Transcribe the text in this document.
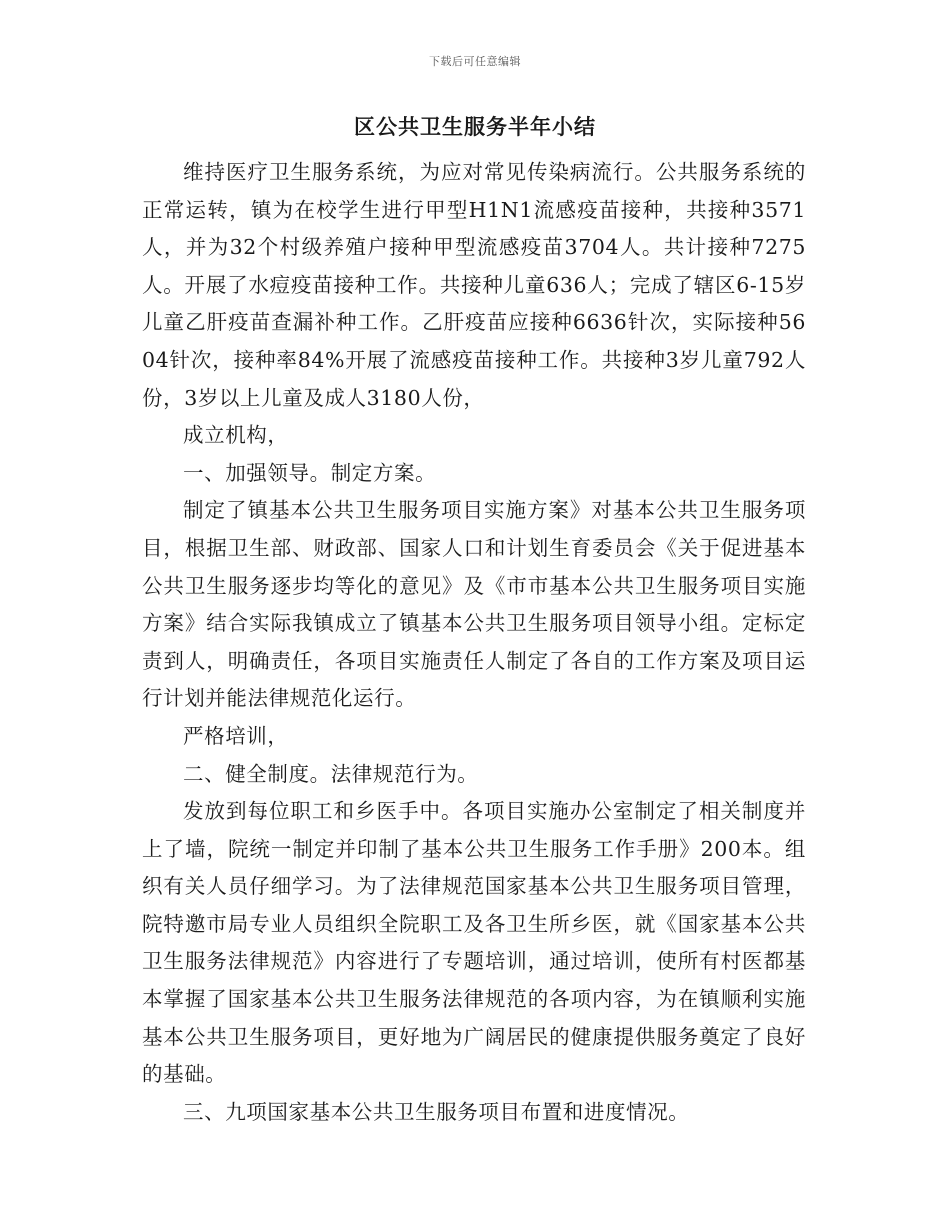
下载后可任意编辑
区公共卫生服务半年小结

维持医疗卫生服务系统，为应对常见传染病流行。公共服务系统的正常运转，镇为在校学生进行甲型H1N1流感疫苗接种，共接种3571人，并为32个村级养殖户接种甲型流感疫苗3704人。共计接种7275人。开展了水痘疫苗接种工作。共接种儿童636人；完成了辖区6-15岁儿童乙肝疫苗查漏补种工作。乙肝疫苗应接种6636针次，实际接种5604针次，接种率84%开展了流感疫苗接种工作。共接种3岁儿童792人份，3岁以上儿童及成人3180人份，

成立机构，

一、加强领导。制定方案。

制定了镇基本公共卫生服务项目实施方案》对基本公共卫生服务项目，根据卫生部、财政部、国家人口和计划生育委员会《关于促进基本公共卫生服务逐步均等化的意见》及《市市基本公共卫生服务项目实施方案》结合实际我镇成立了镇基本公共卫生服务项目领导小组。定标定责到人，明确责任，各项目实施责任人制定了各自的工作方案及项目运行计划并能法律规范化运行。

严格培训，

二、健全制度。法律规范行为。

发放到每位职工和乡医手中。各项目实施办公室制定了相关制度并上了墙，院统一制定并印制了基本公共卫生服务工作手册》200本。组织有关人员仔细学习。为了法律规范国家基本公共卫生服务项目管理，院特邀市局专业人员组织全院职工及各卫生所乡医，就《国家基本公共卫生服务法律规范》内容进行了专题培训，通过培训，使所有村医都基本掌握了国家基本公共卫生服务法律规范的各项内容，为在镇顺利实施基本公共卫生服务项目，更好地为广阔居民的健康提供服务奠定了良好的基础。

三、九项国家基本公共卫生服务项目布置和进度情况。
